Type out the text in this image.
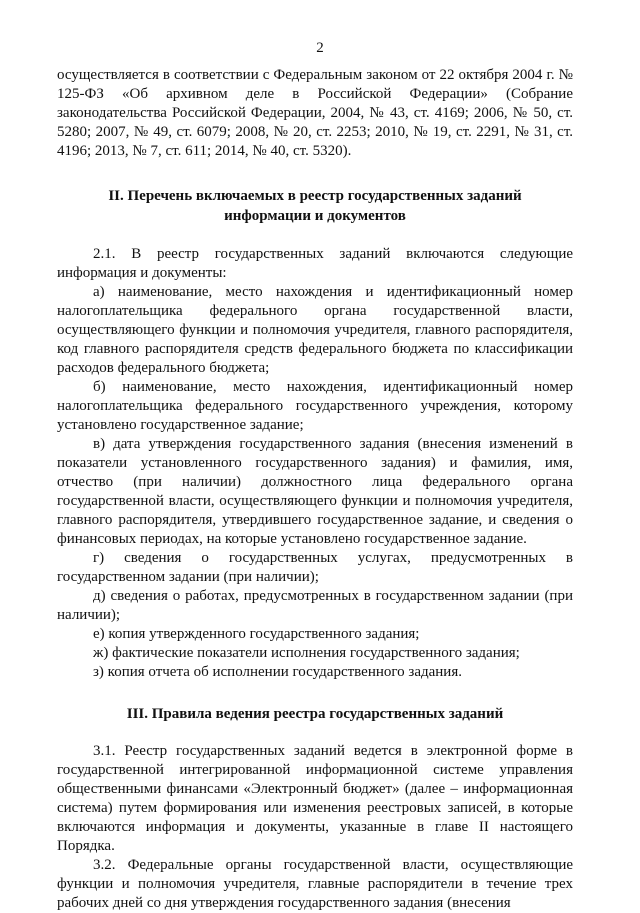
2

осуществляется в соответствии с Федеральным законом от 22 октября 2004 г. № 125-ФЗ «Об архивном деле в Российской Федерации» (Собрание законодательства Российской Федерации, 2004, № 43, ст. 4169; 2006, № 50, ст. 5280; 2007, № 49, ст. 6079; 2008, № 20, ст. 2253; 2010, № 19, ст. 2291, № 31, ст. 4196; 2013, № 7, ст. 611; 2014, № 40, ст. 5320).

II. Перечень включаемых в реестр государственных заданий
информации и документов

2.1. В реестр государственных заданий включаются следующие информация и документы:

а) наименование, место нахождения и идентификационный номер налогоплательщика федерального органа государственной власти, осуществляющего функции и полномочия учредителя, главного распорядителя, код главного распорядителя средств федерального бюджета по классификации расходов федерального бюджета;

б) наименование, место нахождения, идентификационный номер налогоплательщика федерального государственного учреждения, которому установлено государственное задание;

в) дата утверждения государственного задания (внесения изменений в показатели установленного государственного задания) и фамилия, имя, отчество (при наличии) должностного лица федерального органа государственной власти, осуществляющего функции и полномочия учредителя, главного распорядителя, утвердившего государственное задание, и сведения о финансовых периодах, на которые установлено государственное задание.

г) сведения о государственных услугах, предусмотренных в государственном задании (при наличии);

д) сведения о работах, предусмотренных в государственном задании (при наличии);

е) копия утвержденного государственного задания;

ж) фактические показатели исполнения государственного задания;

з) копия отчета об исполнении государственного задания.

III. Правила ведения реестра государственных заданий

3.1. Реестр государственных заданий ведется в электронной форме в государственной интегрированной информационной системе управления общественными финансами «Электронный бюджет» (далее – информационная система) путем формирования или изменения реестровых записей, в которые включаются информация и документы, указанные в главе II настоящего Порядка.

3.2. Федеральные органы государственной власти, осуществляющие функции и полномочия учредителя, главные распорядители в течение трех рабочих дней со дня утверждения государственного задания (внесения
